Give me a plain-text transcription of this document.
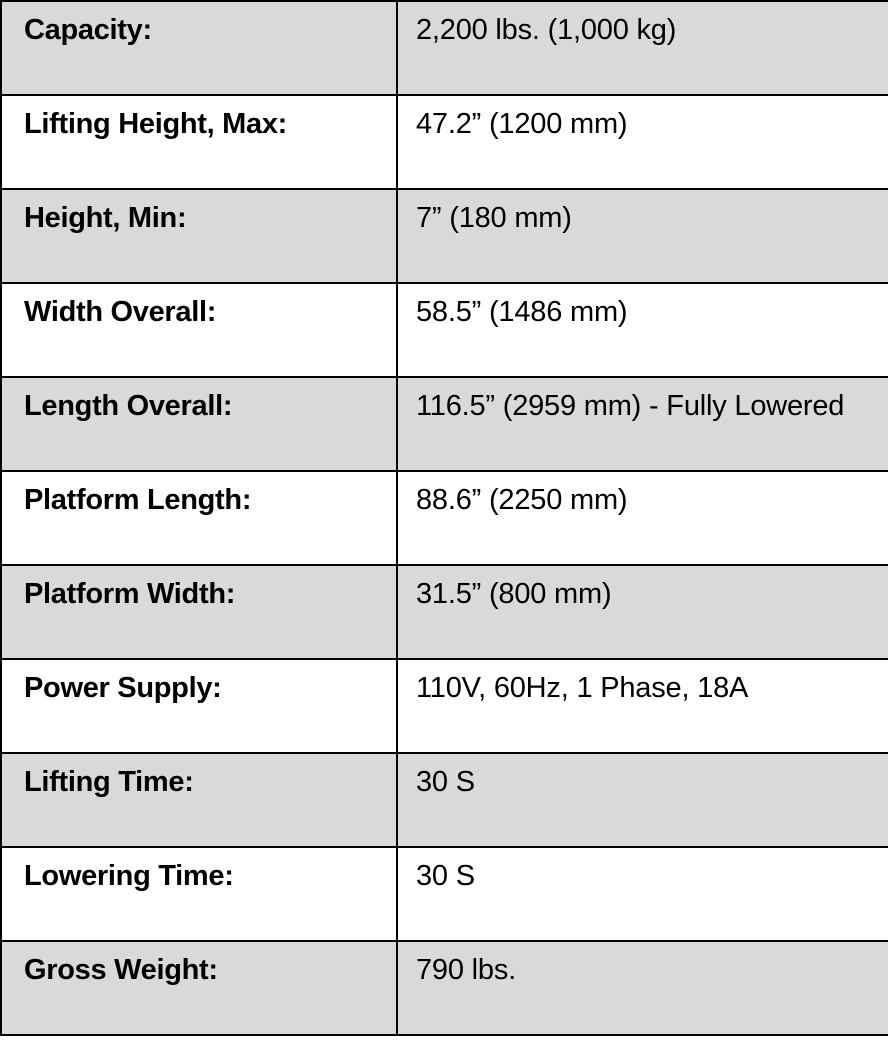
Capacity:	2,200 lbs. (1,000 kg)
Lifting Height, Max:	47.2” (1200 mm)
Height, Min:	7” (180 mm)
Width Overall:	58.5” (1486 mm)
Length Overall:	116.5” (2959 mm) - Fully Lowered
Platform Length:	88.6” (2250 mm)
Platform Width:	31.5” (800 mm)
Power Supply:	110V, 60Hz, 1 Phase, 18A
Lifting Time:	30 S
Lowering Time:	30 S
Gross Weight:	790 lbs.
